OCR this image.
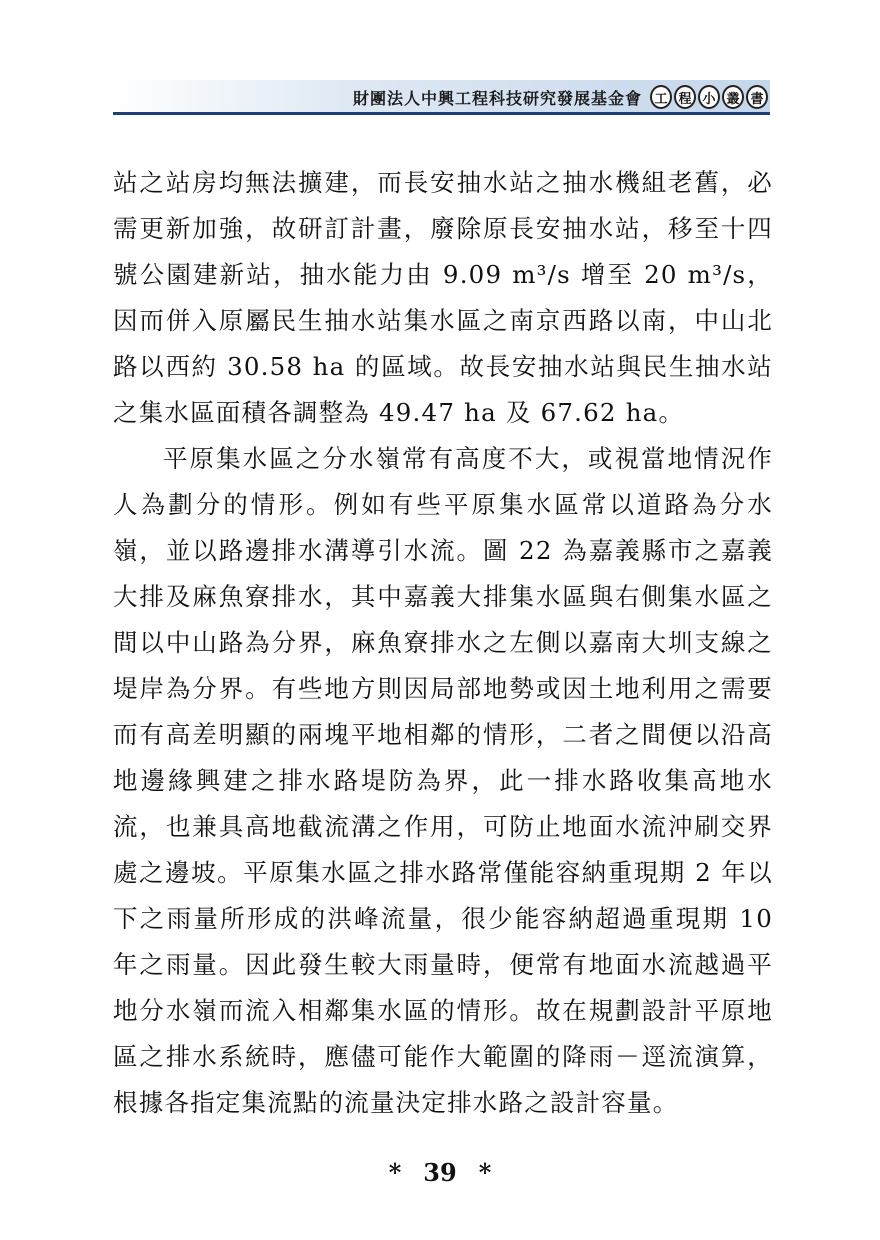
財團法人中興工程科技研究發展基金會 工 程 小 叢 書

站之站房均無法擴建，而長安抽水站之抽水機組老舊，必需更新加強，故研訂計畫，廢除原長安抽水站，移至十四號公園建新站，抽水能力由 9.09 m³/s 增至 20 m³/s，因而併入原屬民生抽水站集水區之南京西路以南，中山北路以西約 30.58 ha 的區域。故長安抽水站與民生抽水站之集水區面積各調整為 49.47 ha 及 67.62 ha。

平原集水區之分水嶺常有高度不大，或視當地情況作人為劃分的情形。例如有些平原集水區常以道路為分水嶺，並以路邊排水溝導引水流。圖 22 為嘉義縣市之嘉義大排及麻魚寮排水，其中嘉義大排集水區與右側集水區之間以中山路為分界，麻魚寮排水之左側以嘉南大圳支線之堤岸為分界。有些地方則因局部地勢或因土地利用之需要而有高差明顯的兩塊平地相鄰的情形，二者之間便以沿高地邊緣興建之排水路堤防為界，此一排水路收集高地水流，也兼具高地截流溝之作用，可防止地面水流沖刷交界處之邊坡。平原集水區之排水路常僅能容納重現期 2 年以下之雨量所形成的洪峰流量，很少能容納超過重現期 10 年之雨量。因此發生較大雨量時，便常有地面水流越過平地分水嶺而流入相鄰集水區的情形。故在規劃設計平原地區之排水系統時，應儘可能作大範圍的降雨－逕流演算，根據各指定集流點的流量決定排水路之設計容量。

* 39 *
